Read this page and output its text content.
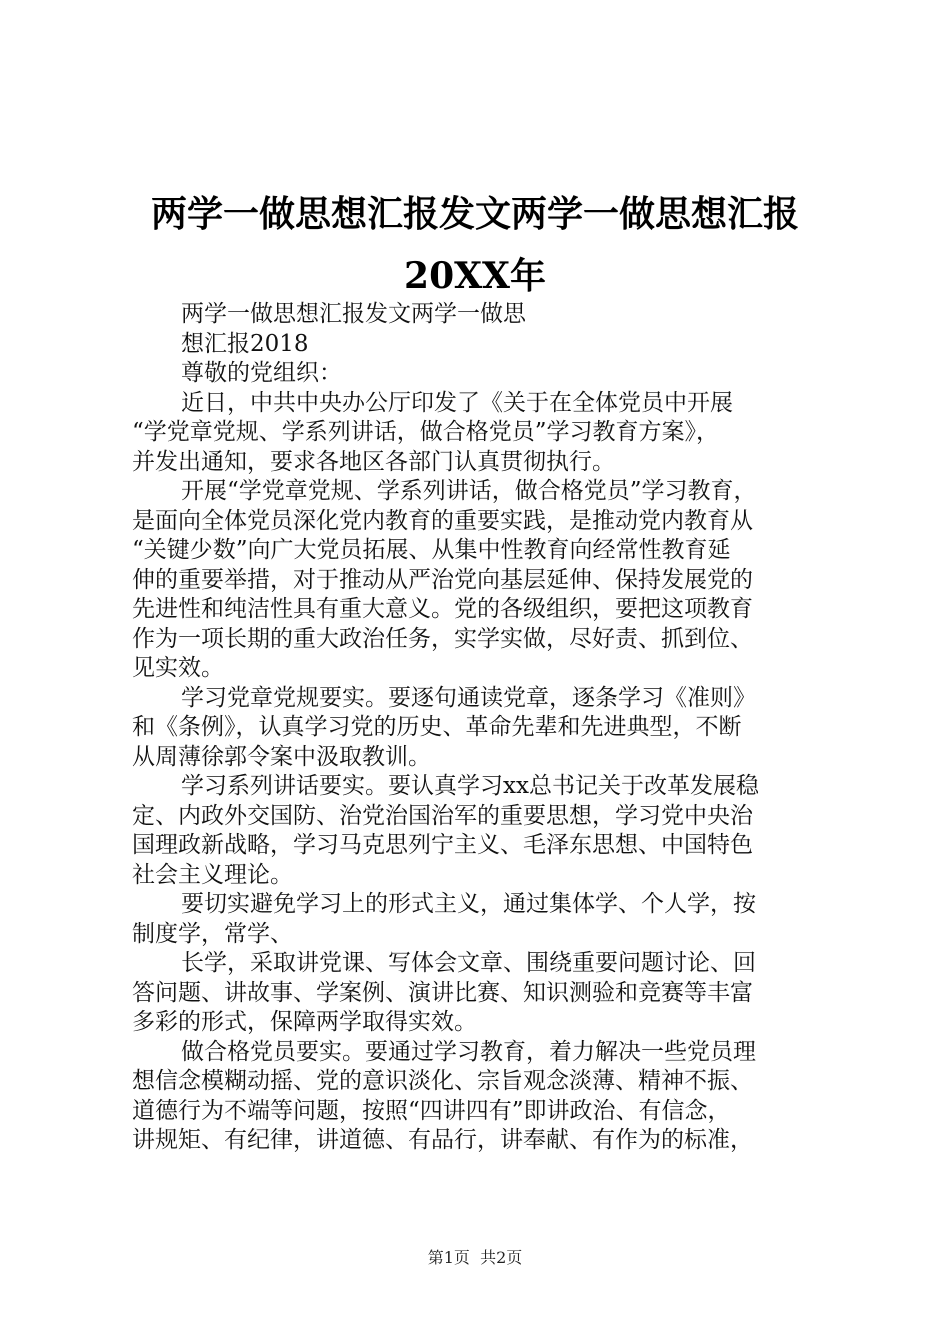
两学一做思想汇报发文两学一做思想汇报
20XX年
两学一做思想汇报发文两学一做思
想汇报2018
尊敬的党组织：
近日，中共中央办公厅印发了《关于在全体党员中开展
“学党章党规、学系列讲话，做合格党员”学习教育方案》，
并发出通知，要求各地区各部门认真贯彻执行。
开展“学党章党规、学系列讲话，做合格党员”学习教育，
是面向全体党员深化党内教育的重要实践，是推动党内教育从
“关键少数”向广大党员拓展、从集中性教育向经常性教育延
伸的重要举措，对于推动从严治党向基层延伸、保持发展党的
先进性和纯洁性具有重大意义。党的各级组织，要把这项教育
作为一项长期的重大政治任务，实学实做，尽好责、抓到位、
见实效。
学习党章党规要实。要逐句通读党章，逐条学习《准则》
和《条例》，认真学习党的历史、革命先辈和先进典型，不断
从周薄徐郭令案中汲取教训。
学习系列讲话要实。要认真学习xx总书记关于改革发展稳
定、内政外交国防、治党治国治军的重要思想，学习党中央治
国理政新战略，学习马克思列宁主义、毛泽东思想、中国特色
社会主义理论。
要切实避免学习上的形式主义，通过集体学、个人学，按
制度学，常学、
长学，采取讲党课、写体会文章、围绕重要问题讨论、回
答问题、讲故事、学案例、演讲比赛、知识测验和竞赛等丰富
多彩的形式，保障两学取得实效。
做合格党员要实。要通过学习教育，着力解决一些党员理
想信念模糊动摇、党的意识淡化、宗旨观念淡薄、精神不振、
道德行为不端等问题，按照“四讲四有”即讲政治、有信念，
讲规矩、有纪律，讲道德、有品行，讲奉献、有作为的标准，
第1页  共2页
